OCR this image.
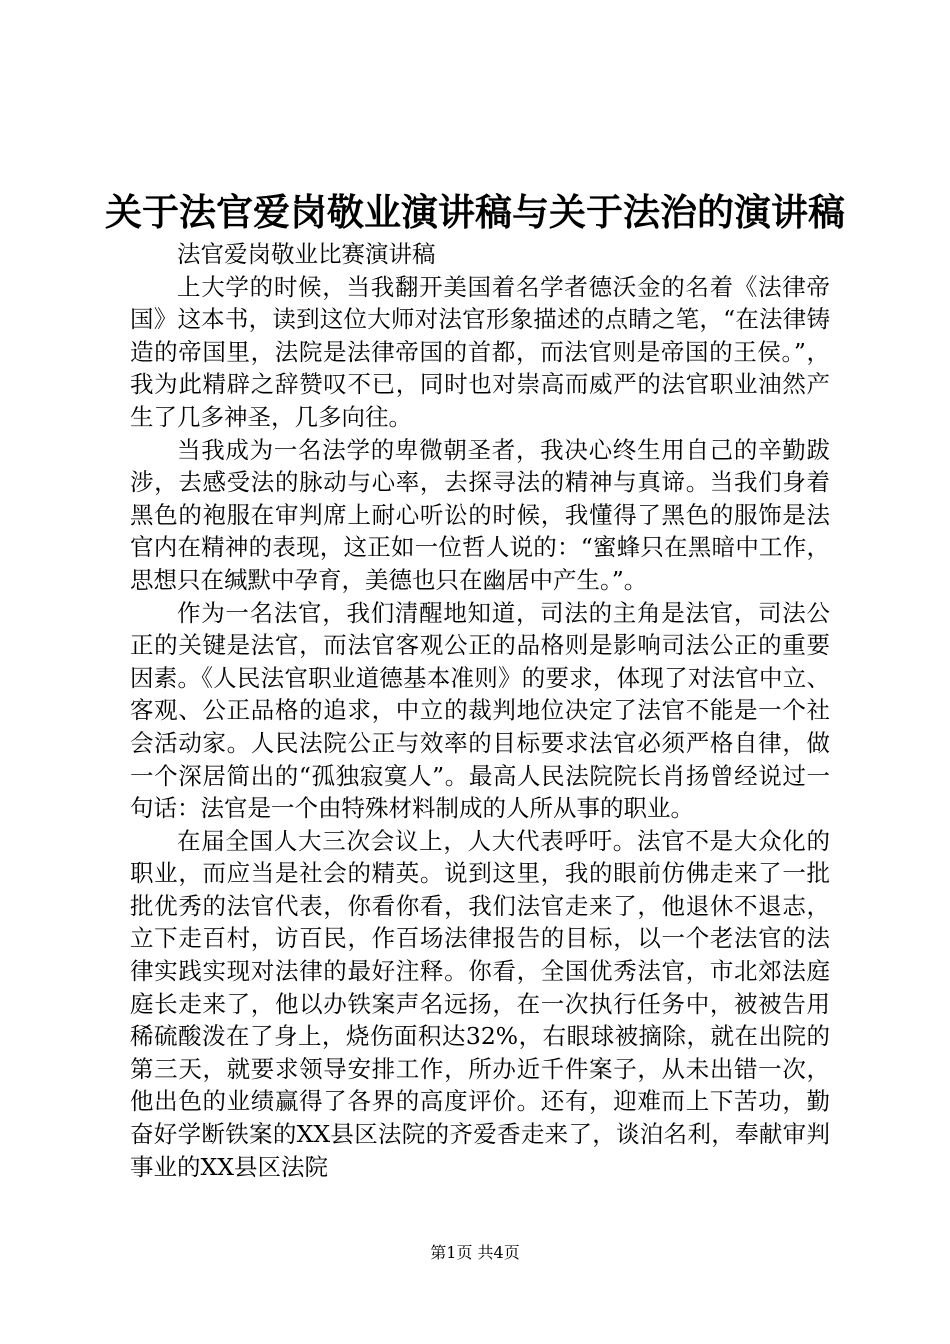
关于法官爱岗敬业演讲稿与关于法治的演讲稿

法官爱岗敬业比赛演讲稿

上大学的时候，当我翻开美国着名学者德沃金的名着《法律帝国》这本书，读到这位大师对法官形象描述的点睛之笔，“在法律铸造的帝国里，法院是法律帝国的首都，而法官则是帝国的王侯。”，我为此精辟之辞赞叹不已，同时也对崇高而威严的法官职业油然产生了几多神圣，几多向往。

当我成为一名法学的卑微朝圣者，我决心终生用自己的辛勤跋涉，去感受法的脉动与心率，去探寻法的精神与真谛。当我们身着黑色的袍服在审判席上耐心听讼的时候，我懂得了黑色的服饰是法官内在精神的表现，这正如一位哲人说的：“蜜蜂只在黑暗中工作，思想只在缄默中孕育，美德也只在幽居中产生。”。

作为一名法官，我们清醒地知道，司法的主角是法官，司法公正的关键是法官，而法官客观公正的品格则是影响司法公正的重要因素。《人民法官职业道德基本准则》的要求，体现了对法官中立、客观、公正品格的追求，中立的裁判地位决定了法官不能是一个社会活动家。人民法院公正与效率的目标要求法官必须严格自律，做一个深居简出的“孤独寂寞人”。最高人民法院院长肖扬曾经说过一句话：法官是一个由特殊材料制成的人所从事的职业。

在届全国人大三次会议上，人大代表呼吁。法官不是大众化的职业，而应当是社会的精英。说到这里，我的眼前仿佛走来了一批批优秀的法官代表，你看你看，我们法官走来了，他退休不退志，立下走百村，访百民，作百场法律报告的目标，以一个老法官的法律实践实现对法律的最好注释。你看，全国优秀法官，市北郊法庭庭长走来了，他以办铁案声名远扬，在一次执行任务中，被被告用稀硫酸泼在了身上，烧伤面积达32%，右眼球被摘除，就在出院的第三天，就要求领导安排工作，所办近千件案子，从未出错一次，他出色的业绩赢得了各界的高度评价。还有，迎难而上下苦功，勤奋好学断铁案的XX县区法院的齐爱香走来了，谈泊名利，奉献审判事业的XX县区法院

第1页 共4页
